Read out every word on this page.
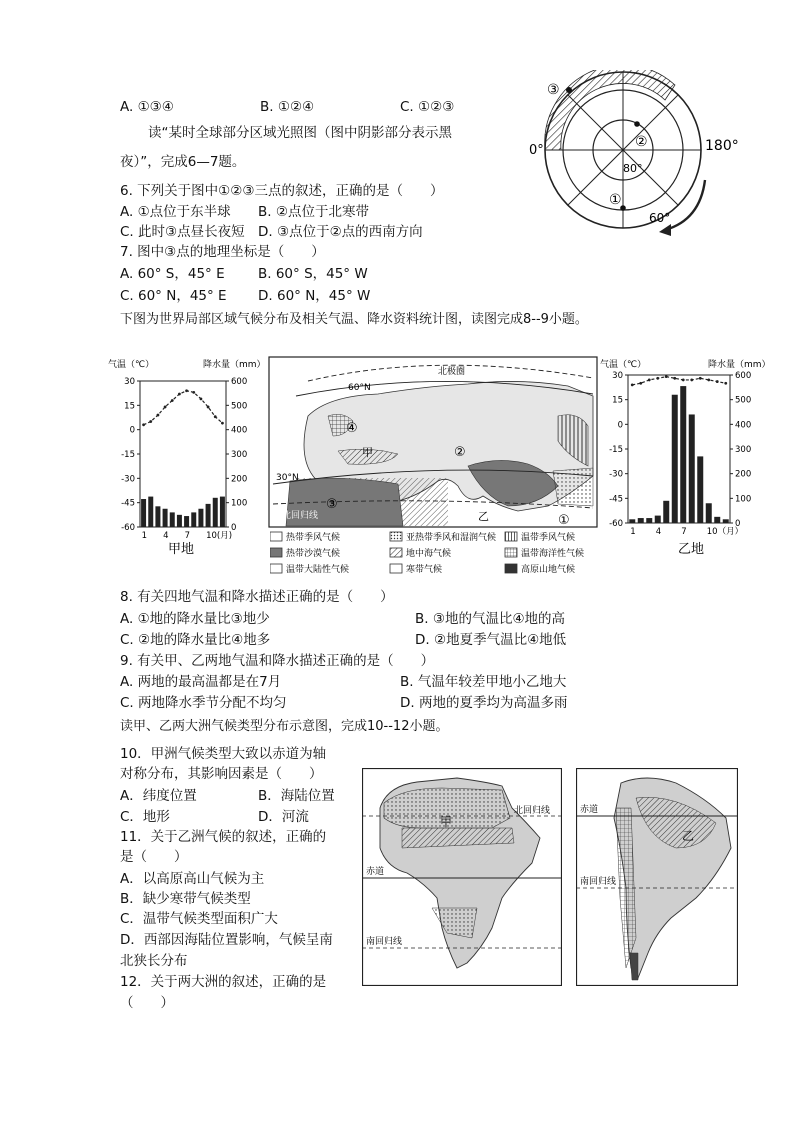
A. ①③④	B. ①②④	C. ①②③
读“某时全球部分区域光照图（图中阴影部分表示黑
夜）”，完成6—7题。
6. 下列关于图中①②③三点的叙述，正确的是（　　）
A. ①点位于东半球 B. ②点位于北寒带
C. 此时③点昼长夜短 D. ③点位于②点的西南方向
7. 图中③点的地理坐标是（　　）
A. 60° S，45° E B. 60° S，45° W
C. 60° N，45° E D. 60° N，45° W
0°	180°
80°
60°
③
②
①
下图为世界局部区域气候分布及相关气温、降水资料统计图，读图完成8--9小题。
气温（℃）	降水量（mm）
30
15
0
-15
-30
-45
-60
600
500
400
300
200
100
0
1 4 7 10(月)
甲地
北极圈
60°N
30°N
北回归线
甲
乙
④
②
③
①
气温（℃）	降水量（mm）
30
15
0
-15
-30
-45
-60
600
500
400
300
200
100
0
1 4 7 10（月）
乙地
热带季风气候	亚热带季风和湿润气候	温带季风气候
热带沙漠气候	地中海气候	温带海洋性气候
温带大陆性气候	寒带气候	高原山地气候
8. 有关四地气温和降水描述正确的是（　　）
A. ①地的降水量比③地少	B. ③地的气温比④地的高
C. ②地的降水量比④地多	D. ②地夏季气温比④地低
9. 有关甲、乙两地气温和降水描述正确的是（　　）
A. 两地的最高温都是在7月	B. 气温年较差甲地小乙地大
C. 两地降水季节分配不均匀	D. 两地的夏季均为高温多雨
读甲、乙两大洲气候类型分布示意图，完成10--12小题。
10．甲洲气候类型大致以赤道为轴
对称分布，其影响因素是（　　）
A．纬度位置	B．海陆位置
C．地形	D．河流
11．关于乙洲气候的叙述，正确的
是（　　）
A．以高原高山气候为主
B．缺少寒带气候类型
C．温带气候类型面积广大
D．西部因海陆位置影响，气候呈南
北狭长分布
12．关于两大洲的叙述，正确的是
（　　）
北回归线
赤道
南回归线
甲
赤道
南回归线
乙
